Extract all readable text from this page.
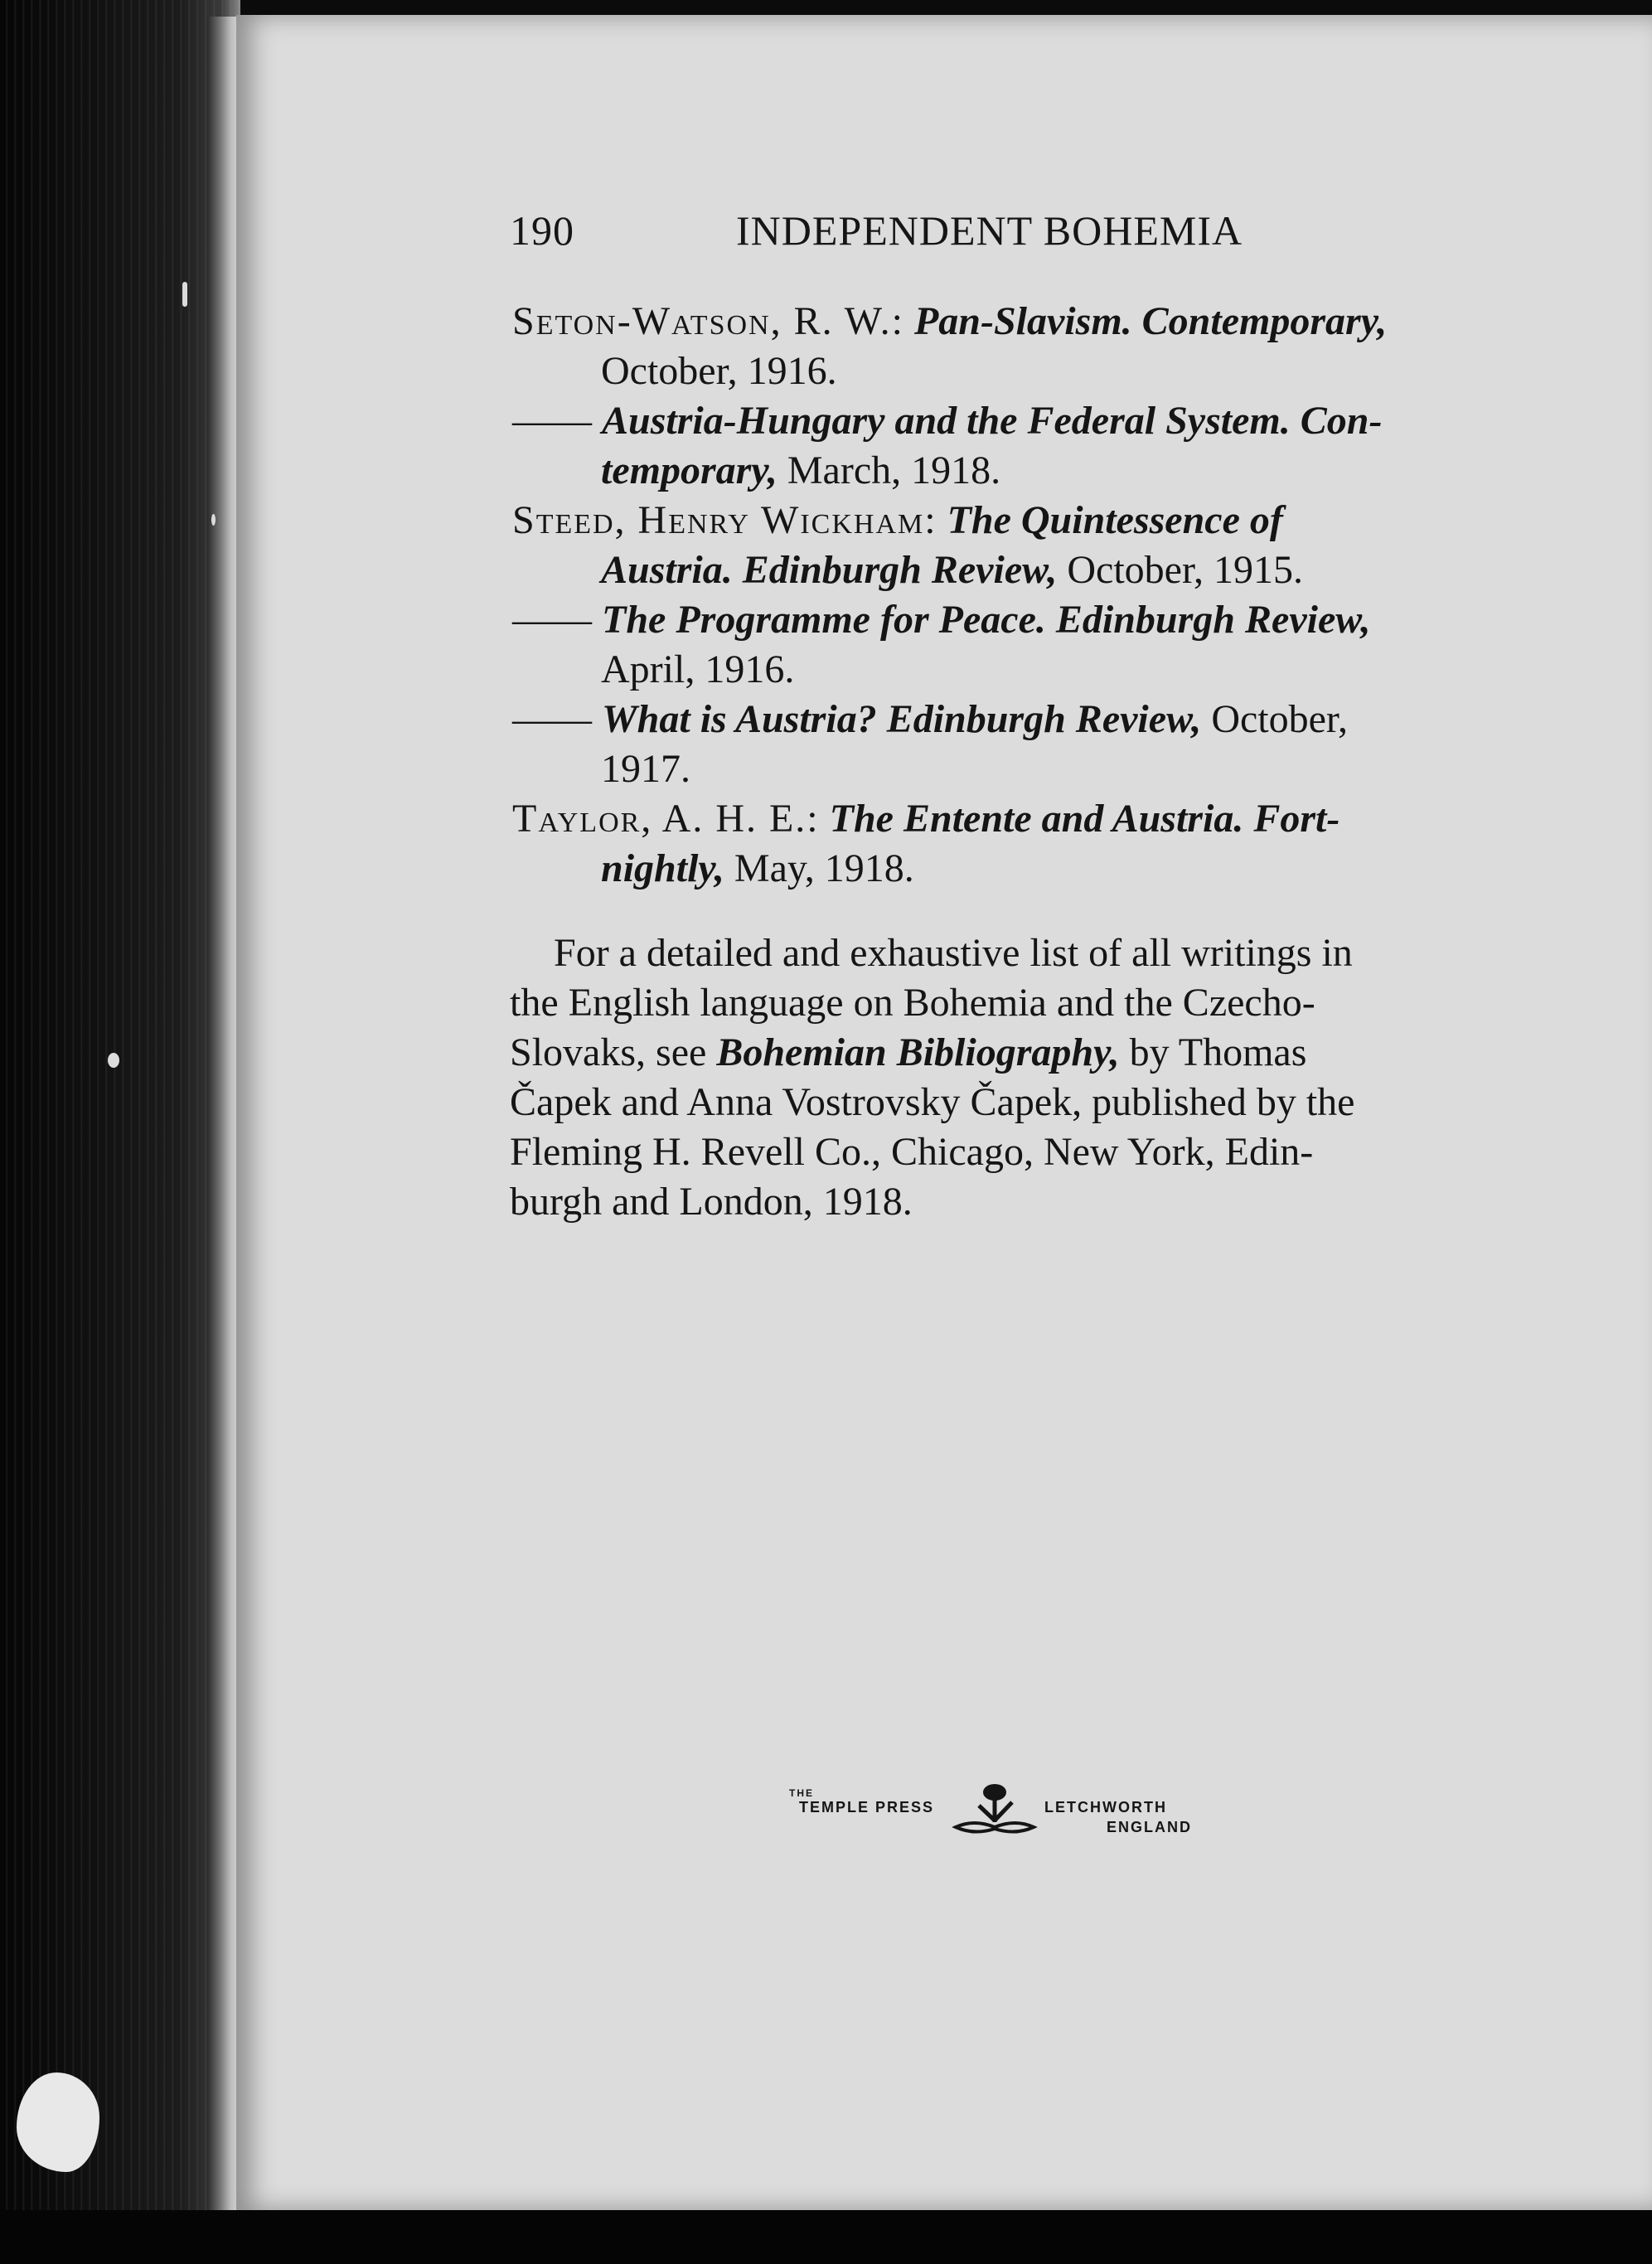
190	INDEPENDENT BOHEMIA
Seton-Watson, R. W.: Pan-Slavism. Contemporary,
October, 1916.
—— Austria-Hungary and the Federal System. Con-
temporary, March, 1918.
Steed, Henry Wickham: The Quintessence of
Austria. Edinburgh Review, October, 1915.
—— The Programme for Peace. Edinburgh Review,
April, 1916.
—— What is Austria? Edinburgh Review, October,
1917.
Taylor, A. H. E.: The Entente and Austria. Fort-
nightly, May, 1918.
For a detailed and exhaustive list of all writings in
the English language on Bohemia and the Czecho-
Slovaks, see Bohemian Bibliography, by Thomas
Čapek and Anna Vostrovsky Čapek, published by the
Fleming H. Revell Co., Chicago, New York, Edin-
burgh and London, 1918.
THE
TEMPLE PRESS	LETCHWORTH
ENGLAND
